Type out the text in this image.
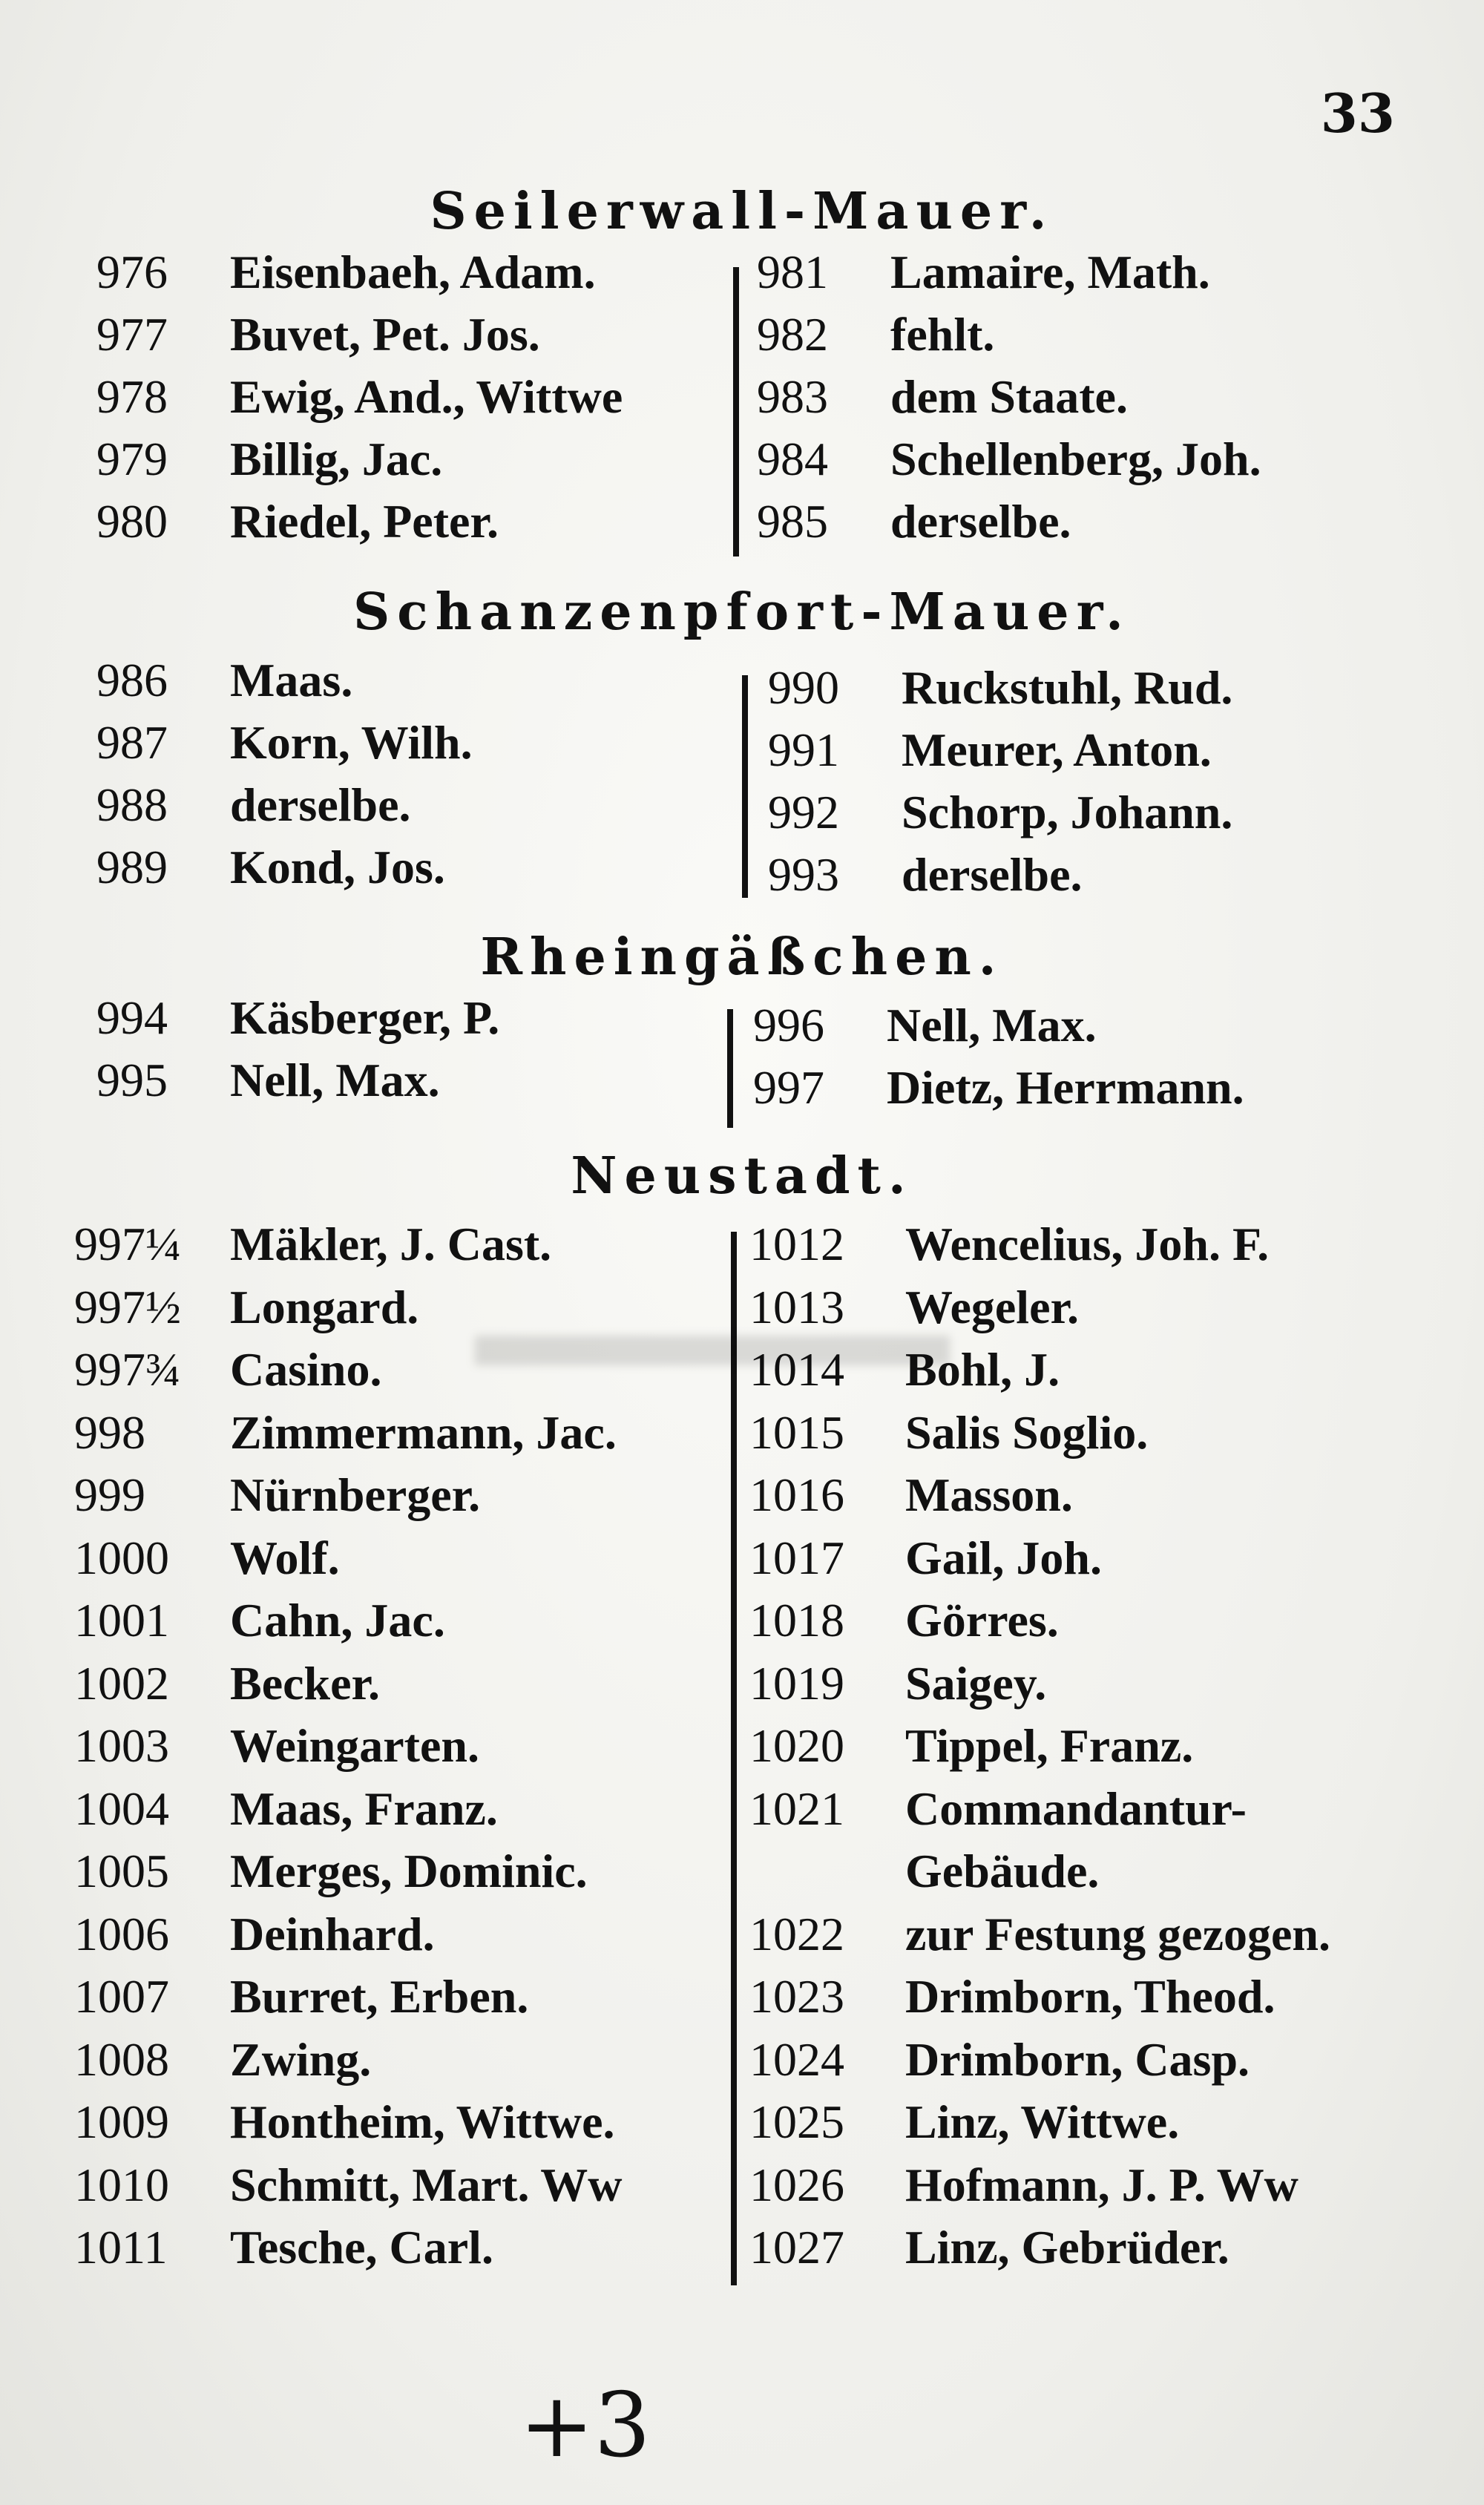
33
Seilerwall-Mauer.
976	Eisenbaeh, Adam.
977	Buvet, Pet. Jos.
978	Ewig, And., Wittwe
979	Billig, Jac.
980	Riedel, Peter.
981	Lamaire, Math.
982	fehlt.
983	dem Staate.
984	Schellenberg, Joh.
985	derselbe.
Schanzenpfort-Mauer.
986	Maas.
987	Korn, Wilh.
988	derselbe.
989	Kond, Jos.
990	Ruckstuhl, Rud.
991	Meurer, Anton.
992	Schorp, Johann.
993	derselbe.
Rheingäßchen.
994	Käsberger, P.
995	Nell, Max.
996	Nell, Max.
997	Dietz, Herrmann.
Neustadt.
997¼	Mäkler, J. Cast.
997½	Longard.
997¾	Casino.
998	Zimmermann, Jac.
999	Nürnberger.
1000	Wolf.
1001	Cahn, Jac.
1002	Becker.
1003	Weingarten.
1004	Maas, Franz.
1005	Merges, Dominic.
1006	Deinhard.
1007	Burret, Erben.
1008	Zwing.
1009	Hontheim, Wittwe.
1010	Schmitt, Mart. Ww
1011	Tesche, Carl.
1012	Wencelius, Joh. F.
1013	Wegeler.
1014	Bohl, J.
1015	Salis Soglio.
1016	Masson.
1017	Gail, Joh.
1018	Görres.
1019	Saigey.
1020	Tippel, Franz.
1021	Commandantur-
Gebäude.
1022	zur Festung gezogen.
1023	Drimborn, Theod.
1024	Drimborn, Casp.
1025	Linz, Wittwe.
1026	Hofmann, J. P. Ww
1027	Linz, Gebrüder.
+3
